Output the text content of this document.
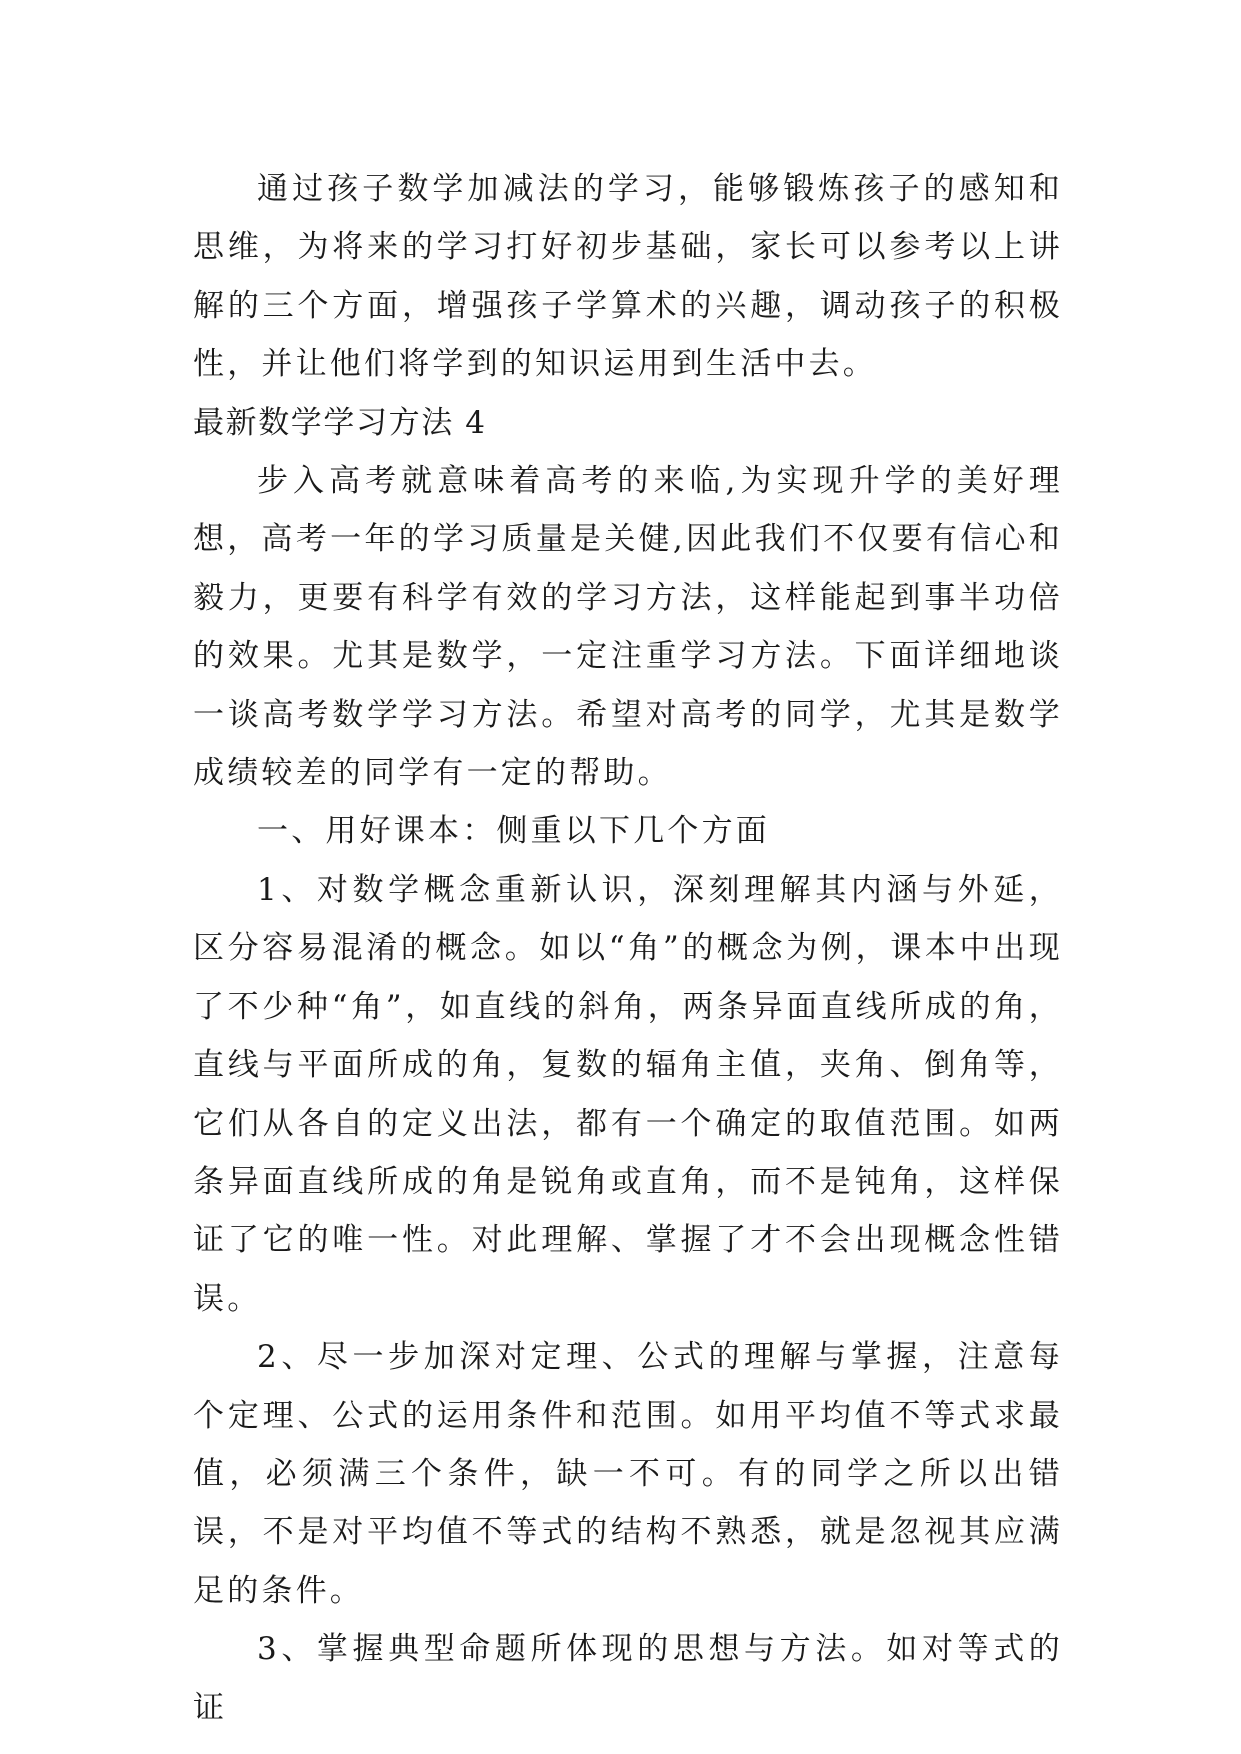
通过孩子数学加减法的学习，能够锻炼孩子的感知和思维，为将来的学习打好初步基础，家长可以参考以上讲解的三个方面，增强孩子学算术的兴趣，调动孩子的积极性，并让他们将学到的知识运用到生活中去。

最新数学学习方法 4

步入高考就意味着高考的来临,为实现升学的美好理想，高考一年的学习质量是关健,因此我们不仅要有信心和毅力，更要有科学有效的学习方法，这样能起到事半功倍的效果。尤其是数学，一定注重学习方法。下面详细地谈一谈高考数学学习方法。希望对高考的同学，尤其是数学成绩较差的同学有一定的帮助。

一、用好课本：侧重以下几个方面

1、对数学概念重新认识，深刻理解其内涵与外延，区分容易混淆的概念。如以“角”的概念为例，课本中出现了不少种“角”，如直线的斜角，两条异面直线所成的角，直线与平面所成的角，复数的辐角主值，夹角、倒角等，它们从各自的定义出法，都有一个确定的取值范围。如两条异面直线所成的角是锐角或直角，而不是钝角，这样保证了它的唯一性。对此理解、掌握了才不会出现概念性错误。

2、尽一步加深对定理、公式的理解与掌握，注意每个定理、公式的运用条件和范围。如用平均值不等式求最值，必须满三个条件，缺一不可。有的同学之所以出错误，不是对平均值不等式的结构不熟悉，就是忽视其应满足的条件。

3、掌握典型命题所体现的思想与方法。如对等式的证
